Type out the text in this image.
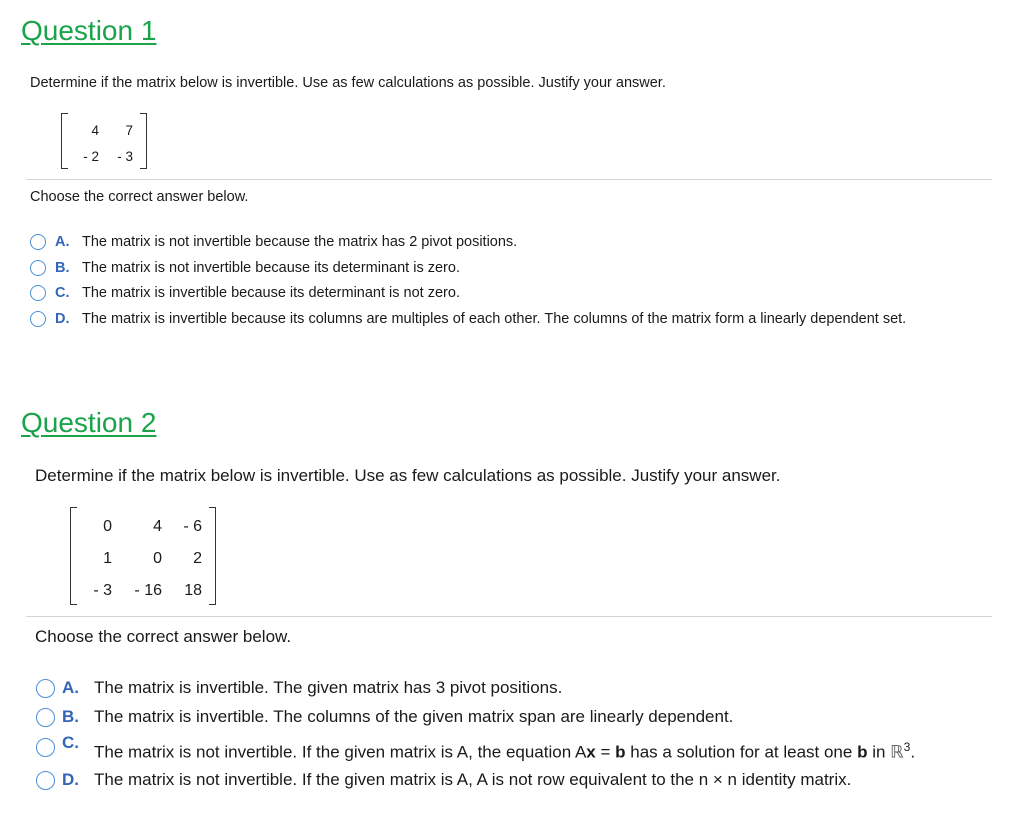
Question 1
Determine if the matrix below is invertible. Use as few calculations as possible. Justify your answer.
4	7
- 2	- 3
Choose the correct answer below.
A. The matrix is not invertible because the matrix has 2 pivot positions.
B. The matrix is not invertible because its determinant is zero.
C. The matrix is invertible because its determinant is not zero.
D. The matrix is invertible because its columns are multiples of each other. The columns of the matrix form a linearly dependent set.
Question 2
Determine if the matrix below is invertible. Use as few calculations as possible. Justify your answer.
0	4	- 6
1	0	2
- 3	- 16	18
Choose the correct answer below.
A. The matrix is invertible. The given matrix has 3 pivot positions.
B. The matrix is invertible. The columns of the given matrix span are linearly dependent.
C. The matrix is not invertible. If the given matrix is A, the equation Ax = b has a solution for at least one b in ℝ$^3$.
D. The matrix is not invertible. If the given matrix is A, A is not row equivalent to the n × n identity matrix.
